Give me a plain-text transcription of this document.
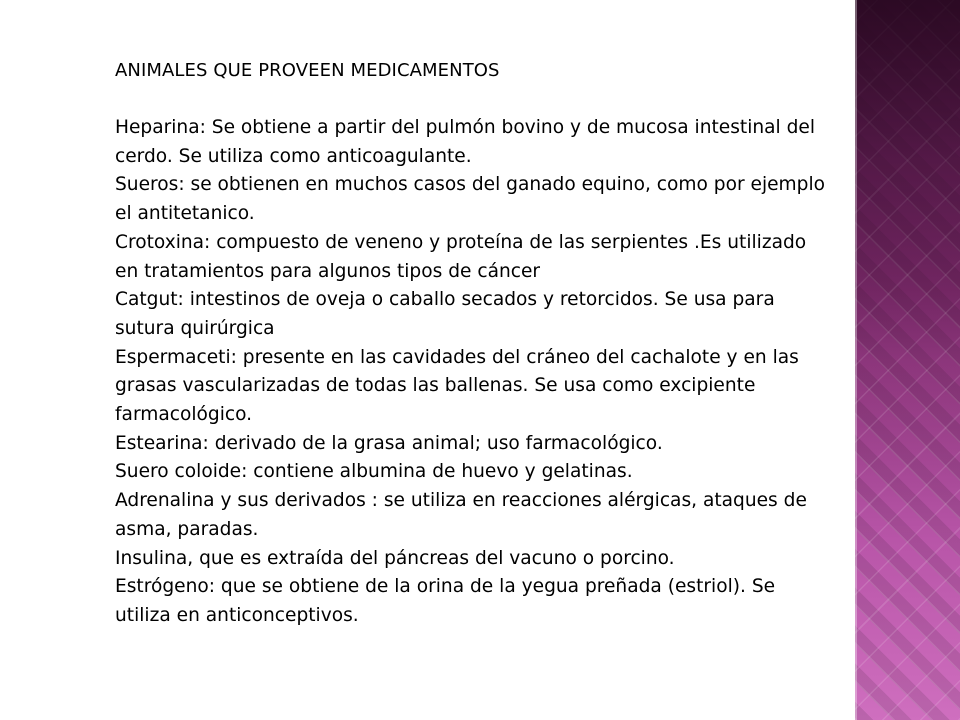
ANIMALES QUE PROVEEN MEDICAMENTOS

Heparina: Se obtiene a partir del pulmón bovino y de mucosa intestinal del cerdo. Se utiliza como anticoagulante.

Sueros: se obtienen en muchos casos del ganado equino, como por ejemplo el antitetanico.

Crotoxina: compuesto de veneno y proteína de las serpientes .Es utilizado en tratamientos para algunos tipos de cáncer

Catgut: intestinos de oveja o caballo secados y retorcidos. Se usa para sutura quirúrgica

Espermaceti: presente en las cavidades del cráneo del cachalote y en las grasas vascularizadas de todas las ballenas. Se usa como excipiente farmacológico.

Estearina: derivado de la grasa animal; uso farmacológico.

Suero coloide: contiene albumina de huevo y gelatinas.

Adrenalina y sus derivados : se utiliza en reacciones alérgicas, ataques de asma, paradas.

Insulina, que es extraída del páncreas del vacuno o porcino.

Estrógeno: que se obtiene de la orina de la yegua preñada (estriol). Se utiliza en anticonceptivos.
